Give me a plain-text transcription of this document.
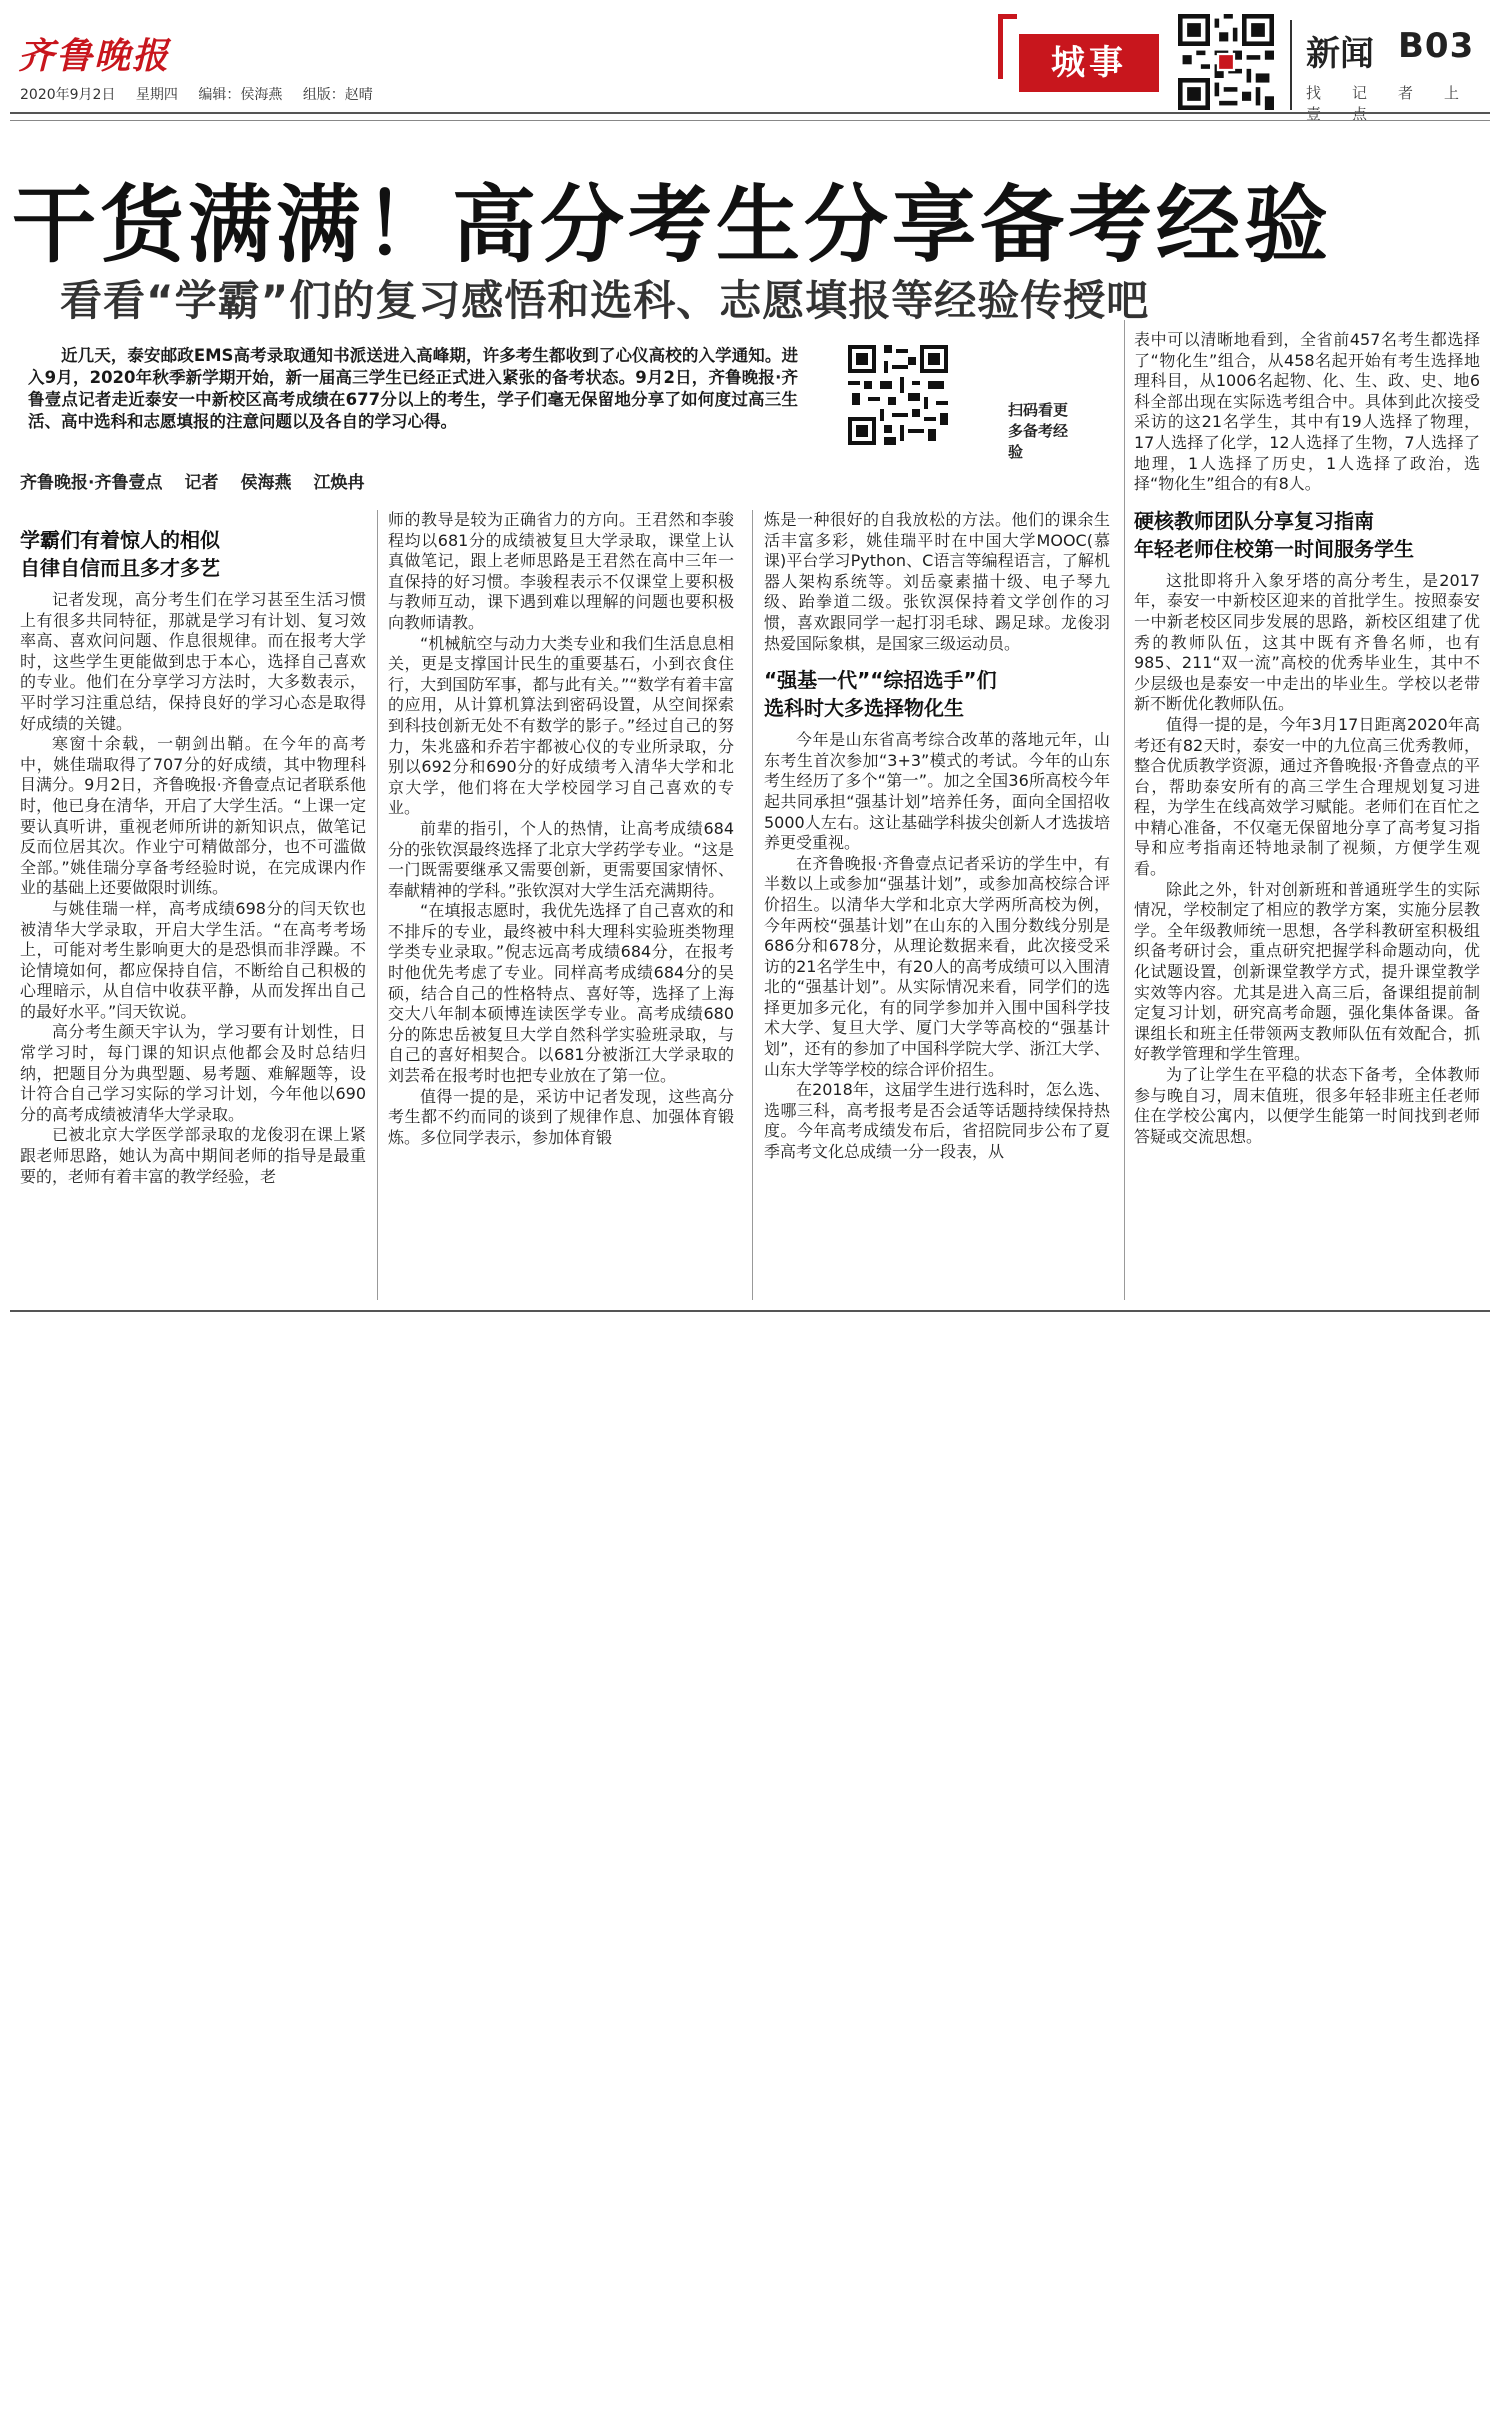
齐鲁晚报
2020年9月2日 星期四 编辑：侯海燕 组版：赵晴
城事	新闻 B03
找 记 者 上壹 点
干货满满！高分考生分享备考经验
看看“学霸”们的复习感悟和选科、志愿填报等经验传授吧
近几天，泰安邮政EMS高考录取通知书派送进入高峰期，许多考生都收到了心仪高校的入学通知。进入9月，2020年秋季新学期开始，新一届高三学生已经正式进入紧张的备考状态。9月2日，齐鲁晚报·齐鲁壹点记者走近泰安一中新校区高考成绩在677分以上的考生，学子们毫无保留地分享了如何度过高三生活、高中选科和志愿填报的注意问题以及各自的学习心得。
扫码看更多备考经验
齐鲁晚报·齐鲁壹点 记者 侯海燕 江焕冉
学霸们有着惊人的相似
自律自信而且多才多艺

记者发现，高分考生们在学习甚至生活习惯上有很多共同特征，那就是学习有计划、复习效率高、喜欢问问题、作息很规律。而在报考大学时，这些学生更能做到忠于本心，选择自己喜欢的专业。他们在分享学习方法时，大多数表示，平时学习注重总结，保持良好的学习心态是取得好成绩的关键。

寒窗十余载，一朝剑出鞘。在今年的高考中，姚佳瑞取得了707分的好成绩，其中物理科目满分。9月2日，齐鲁晚报·齐鲁壹点记者联系他时，他已身在清华，开启了大学生活。“上课一定要认真听讲，重视老师所讲的新知识点，做笔记反而位居其次。作业宁可精做部分，也不可滥做全部。”姚佳瑞分享备考经验时说，在完成课内作业的基础上还要做限时训练。

与姚佳瑞一样，高考成绩698分的闫天钦也被清华大学录取，开启大学生活。“在高考考场上，可能对考生影响更大的是恐惧而非浮躁。不论情境如何，都应保持自信，不断给自己积极的心理暗示，从自信中收获平静，从而发挥出自己的最好水平。”闫天钦说。

高分考生颜天宇认为，学习要有计划性，日常学习时，每门课的知识点他都会及时总结归纳，把题目分为典型题、易考题、难解题等，设计符合自己学习实际的学习计划，今年他以690分的高考成绩被清华大学录取。

已被北京大学医学部录取的龙俊羽在课上紧跟老师思路，她认为高中期间老师的指导是最重要的，老师有着丰富的教学经验，老

师的教导是较为正确省力的方向。王君然和李骏程均以681分的成绩被复旦大学录取，课堂上认真做笔记，跟上老师思路是王君然在高中三年一直保持的好习惯。李骏程表示不仅课堂上要积极与教师互动，课下遇到难以理解的问题也要积极向教师请教。

“机械航空与动力大类专业和我们生活息息相关，更是支撑国计民生的重要基石，小到衣食住行，大到国防军事，都与此有关。”“数学有着丰富的应用，从计算机算法到密码设置，从空间探索到科技创新无处不有数学的影子。”经过自己的努力，朱兆盛和乔若宇都被心仪的专业所录取，分别以692分和690分的好成绩考入清华大学和北京大学，他们将在大学校园学习自己喜欢的专业。

前辈的指引，个人的热情，让高考成绩684分的张钦溟最终选择了北京大学药学专业。“这是一门既需要继承又需要创新，更需要国家情怀、奉献精神的学科。”张钦溟对大学生活充满期待。

“在填报志愿时，我优先选择了自己喜欢的和不排斥的专业，最终被中科大理科实验班类物理学类专业录取。”倪志远高考成绩684分，在报考时他优先考虑了专业。同样高考成绩684分的吴硕，结合自己的性格特点、喜好等，选择了上海交大八年制本硕博连读医学专业。高考成绩680分的陈忠岳被复旦大学自然科学实验班录取，与自己的喜好相契合。以681分被浙江大学录取的刘芸希在报考时也把专业放在了第一位。

值得一提的是，采访中记者发现，这些高分考生都不约而同的谈到了规律作息、加强体育锻炼。多位同学表示，参加体育锻

炼是一种很好的自我放松的方法。他们的课余生活丰富多彩，姚佳瑞平时在中国大学MOOC(慕课)平台学习Python、C语言等编程语言，了解机器人架构系统等。刘岳豪素描十级、电子琴九级、跆拳道二级。张钦溟保持着文学创作的习惯，喜欢跟同学一起打羽毛球、踢足球。龙俊羽热爱国际象棋，是国家三级运动员。

“强基一代”“综招选手”们
选科时大多选择物化生

今年是山东省高考综合改革的落地元年，山东考生首次参加“3+3”模式的考试。今年的山东考生经历了多个“第一”。加之全国36所高校今年起共同承担“强基计划”培养任务，面向全国招收5000人左右。这让基础学科拔尖创新人才选拔培养更受重视。

在齐鲁晚报·齐鲁壹点记者采访的学生中，有半数以上或参加“强基计划”，或参加高校综合评价招生。以清华大学和北京大学两所高校为例，今年两校“强基计划”在山东的入围分数线分别是686分和678分，从理论数据来看，此次接受采访的21名学生中，有20人的高考成绩可以入围清北的“强基计划”。从实际情况来看，同学们的选择更加多元化，有的同学参加并入围中国科学技术大学、复旦大学、厦门大学等高校的“强基计划”，还有的参加了中国科学院大学、浙江大学、山东大学等学校的综合评价招生。

在2018年，这届学生进行选科时，怎么选、选哪三科，高考报考是否会适等话题持续保持热度。今年高考成绩发布后，省招院同步公布了夏季高考文化总成绩一分一段表，从

表中可以清晰地看到，全省前457名考生都选择了“物化生”组合，从458名起开始有考生选择地理科目，从1006名起物、化、生、政、史、地6科全部出现在实际选考组合中。具体到此次接受采访的这21名学生，其中有19人选择了物理，17人选择了化学，12人选择了生物，7人选择了地理，1人选择了历史，1人选择了政治，选择“物化生”组合的有8人。

硬核教师团队分享复习指南
年轻老师住校第一时间服务学生

这批即将升入象牙塔的高分考生，是2017年，泰安一中新校区迎来的首批学生。按照泰安一中新老校区同步发展的思路，新校区组建了优秀的教师队伍，这其中既有齐鲁名师，也有985、211“双一流”高校的优秀毕业生，其中不少层级也是泰安一中走出的毕业生。学校以老带新不断优化教师队伍。

值得一提的是，今年3月17日距离2020年高考还有82天时，泰安一中的九位高三优秀教师，整合优质教学资源，通过齐鲁晚报·齐鲁壹点的平台，帮助泰安所有的高三学生合理规划复习进程，为学生在线高效学习赋能。老师们在百忙之中精心准备，不仅毫无保留地分享了高考复习指导和应考指南还特地录制了视频，方便学生观看。

除此之外，针对创新班和普通班学生的实际情况，学校制定了相应的教学方案，实施分层教学。全年级教师统一思想，各学科教研室积极组织备考研讨会，重点研究把握学科命题动向，优化试题设置，创新课堂教学方式，提升课堂教学实效等内容。尤其是进入高三后，备课组提前制定复习计划，研究高考命题，强化集体备课。备课组长和班主任带领两支教师队伍有效配合，抓好教学管理和学生管理。

为了让学生在平稳的状态下备考，全体教师参与晚自习，周末值班，很多年轻非班主任老师住在学校公寓内，以便学生能第一时间找到老师答疑或交流思想。
